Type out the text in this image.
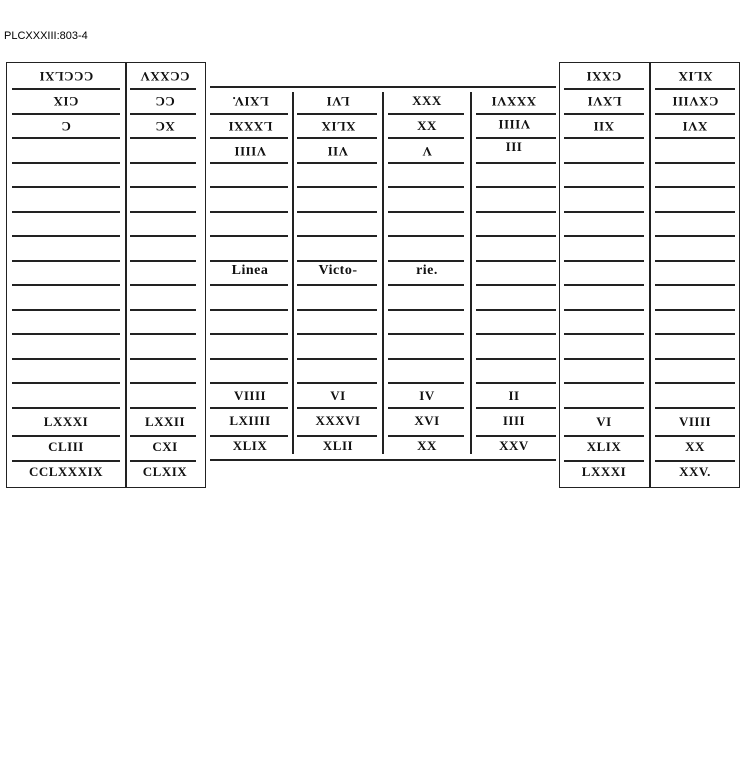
PLCXXXIII:803-4
CCCLXI
CIX
C
CCXXV
CC
XC
LXXXI
CLIII
CCLXXXIX
LXXII
CXI
CLXIX
LXIV.
LXXXI
VIIII
LVI
XLIX
VII
XXX
XX
V
XXXVI
VIIII
III
Linea	Victo-	rie.
VIIII
LXIIII
XLIX
VI
XXXVI
XLII
IV
XVI
XX
II
IIII
XXV
CXXI
LXVI
XII
XLIX
CXVIII
XVI
VI
XLIX
LXXXI
VIIII
XX
XXV.
